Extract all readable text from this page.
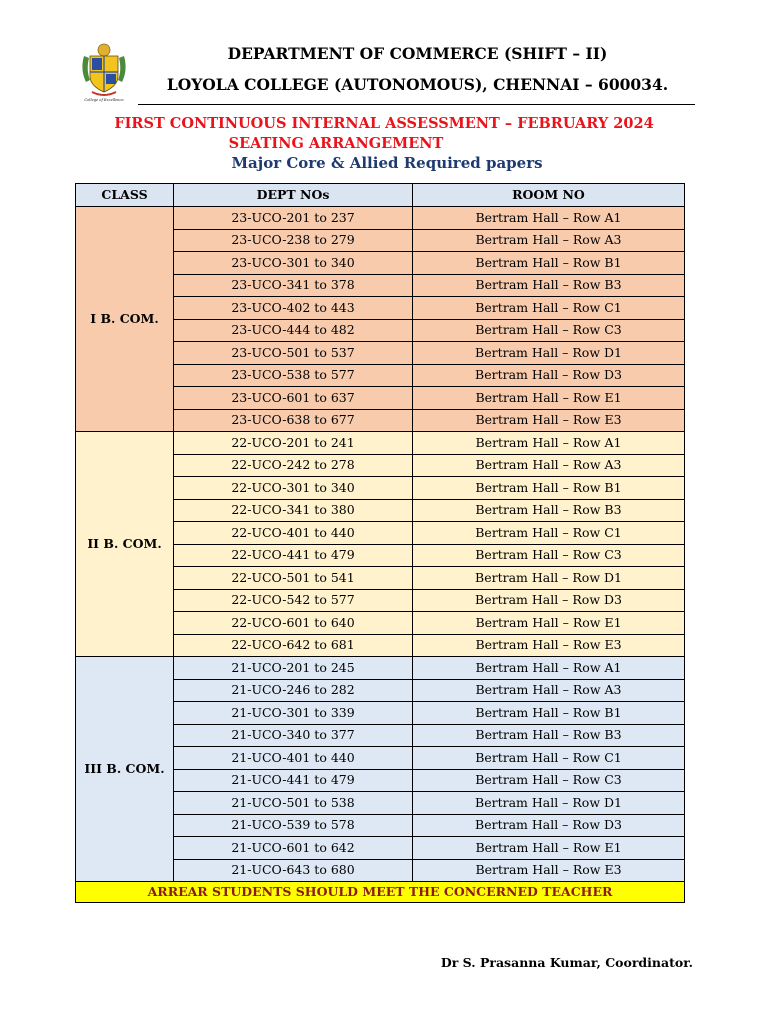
College of Excellence
DEPARTMENT OF COMMERCE (SHIFT – II)
LOYOLA COLLEGE (AUTONOMOUS), CHENNAI – 600034.
FIRST CONTINUOUS INTERNAL ASSESSMENT – FEBRUARY 2024
SEATING ARRANGEMENT
Major Core & Allied Required papers
CLASS	DEPT NOs	ROOM NO
I B. COM.	23-UCO-201 to 237	Bertram Hall – Row A1
	23-UCO-238 to 279	Bertram Hall – Row A3
	23-UCO-301 to 340	Bertram Hall – Row B1
	23-UCO-341 to 378	Bertram Hall – Row B3
	23-UCO-402 to 443	Bertram Hall – Row C1
	23-UCO-444 to 482	Bertram Hall – Row C3
	23-UCO-501 to 537	Bertram Hall – Row D1
	23-UCO-538 to 577	Bertram Hall – Row D3
	23-UCO-601 to 637	Bertram Hall – Row E1
	23-UCO-638 to 677	Bertram Hall – Row E3
II B. COM.	22-UCO-201 to 241	Bertram Hall – Row A1
	22-UCO-242 to 278	Bertram Hall – Row A3
	22-UCO-301 to 340	Bertram Hall – Row B1
	22-UCO-341 to 380	Bertram Hall – Row B3
	22-UCO-401 to 440	Bertram Hall – Row C1
	22-UCO-441 to 479	Bertram Hall – Row C3
	22-UCO-501 to 541	Bertram Hall – Row D1
	22-UCO-542 to 577	Bertram Hall – Row D3
	22-UCO-601 to 640	Bertram Hall – Row E1
	22-UCO-642 to 681	Bertram Hall – Row E3
III B. COM.	21-UCO-201 to 245	Bertram Hall – Row A1
	21-UCO-246 to 282	Bertram Hall – Row A3
	21-UCO-301 to 339	Bertram Hall – Row B1
	21-UCO-340 to 377	Bertram Hall – Row B3
	21-UCO-401 to 440	Bertram Hall – Row C1
	21-UCO-441 to 479	Bertram Hall – Row C3
	21-UCO-501 to 538	Bertram Hall – Row D1
	21-UCO-539 to 578	Bertram Hall – Row D3
	21-UCO-601 to 642	Bertram Hall – Row E1
	21-UCO-643 to 680	Bertram Hall – Row E3
ARREAR STUDENTS SHOULD MEET THE CONCERNED TEACHER		
Dr S. Prasanna Kumar, Coordinator.
